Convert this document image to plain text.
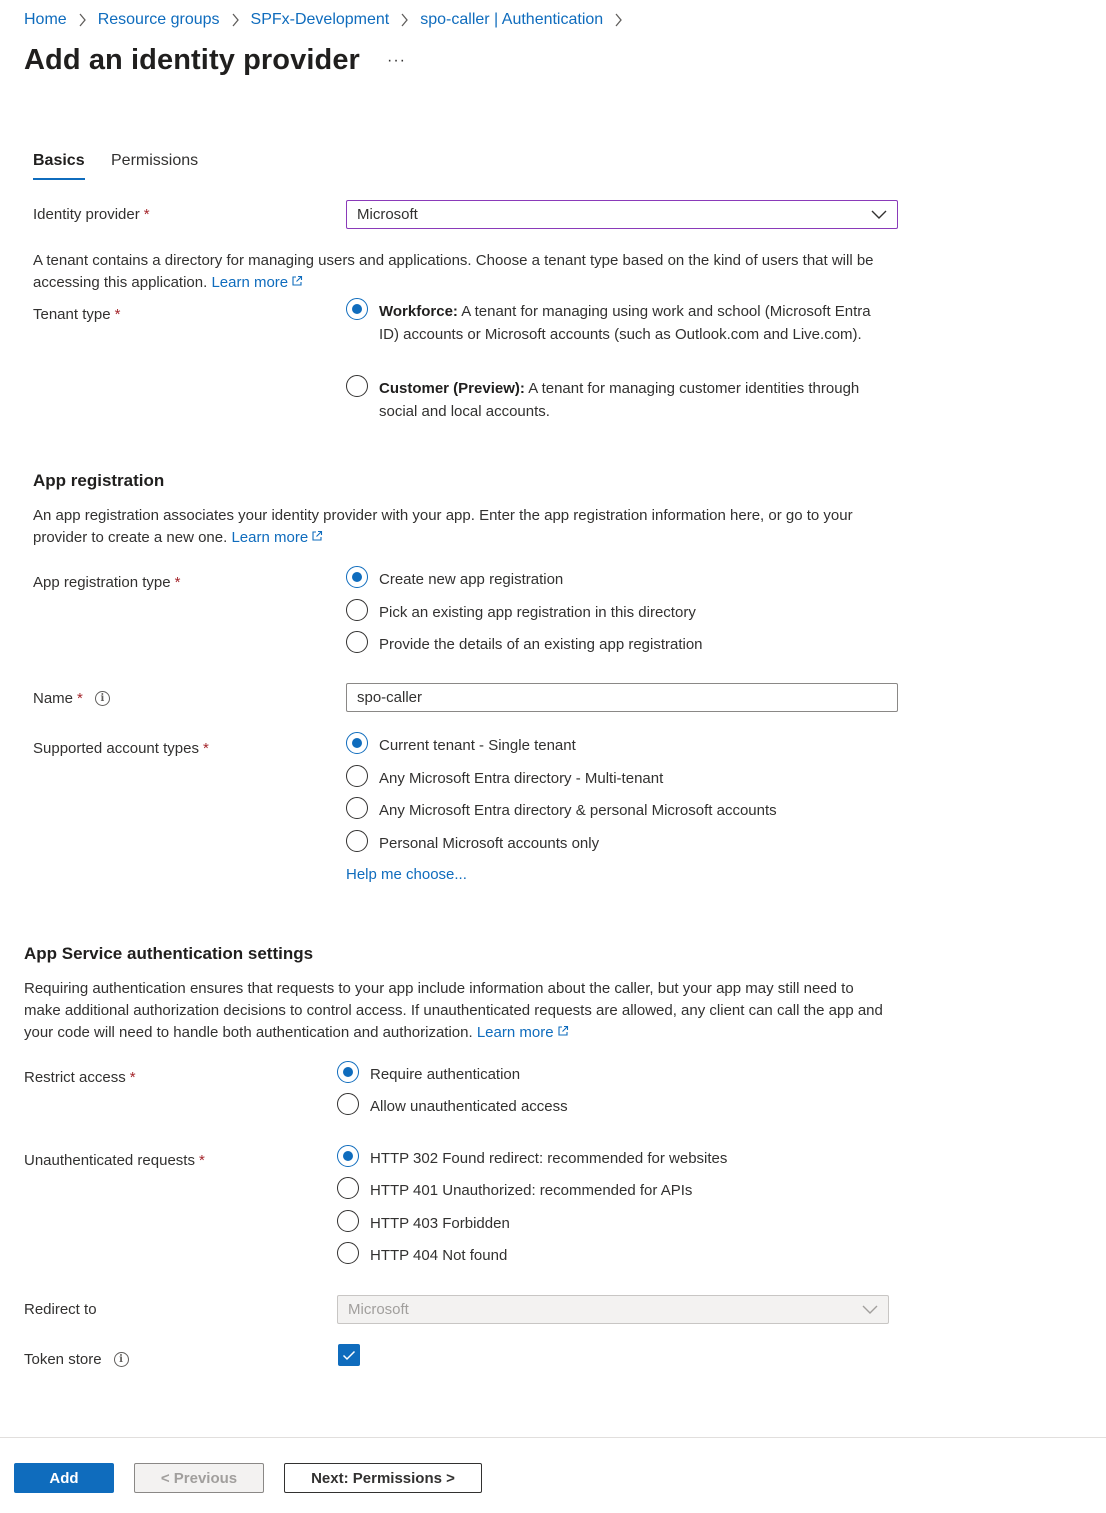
Home Resource groups SPFx-Development spo-caller | Authentication
Add an identity provider ···
Basics Permissions
Identity provider *	Microsoft
A tenant contains a directory for managing users and applications. Choose a tenant type based on the kind of users that will be accessing this application. Learn more
Tenant type *	Workforce: A tenant for managing using work and school (Microsoft Entra ID) accounts or Microsoft accounts (such as Outlook.com and Live.com).
Customer (Preview): A tenant for managing customer identities through social and local accounts.
App registration
An app registration associates your identity provider with your app. Enter the app registration information here, or go to your provider to create a new one. Learn more
App registration type *	Create new app registration
Pick an existing app registration in this directory
Provide the details of an existing app registration
Name *	i
spo-caller
Supported account types *	Current tenant - Single tenant
Any Microsoft Entra directory - Multi-tenant
Any Microsoft Entra directory & personal Microsoft accounts
Personal Microsoft accounts only
Help me choose...
App Service authentication settings
Requiring authentication ensures that requests to your app include information about the caller, but your app may still need to make additional authorization decisions to control access. If unauthenticated requests are allowed, any client can call the app and your code will need to handle both authentication and authorization. Learn more
Restrict access *	Require authentication
Allow unauthenticated access
Unauthenticated requests *	HTTP 302 Found redirect: recommended for websites
HTTP 401 Unauthorized: recommended for APIs
HTTP 403 Forbidden
HTTP 404 Not found
Redirect to	Microsoft
Token store	i
Add	< Previous	Next: Permissions >
